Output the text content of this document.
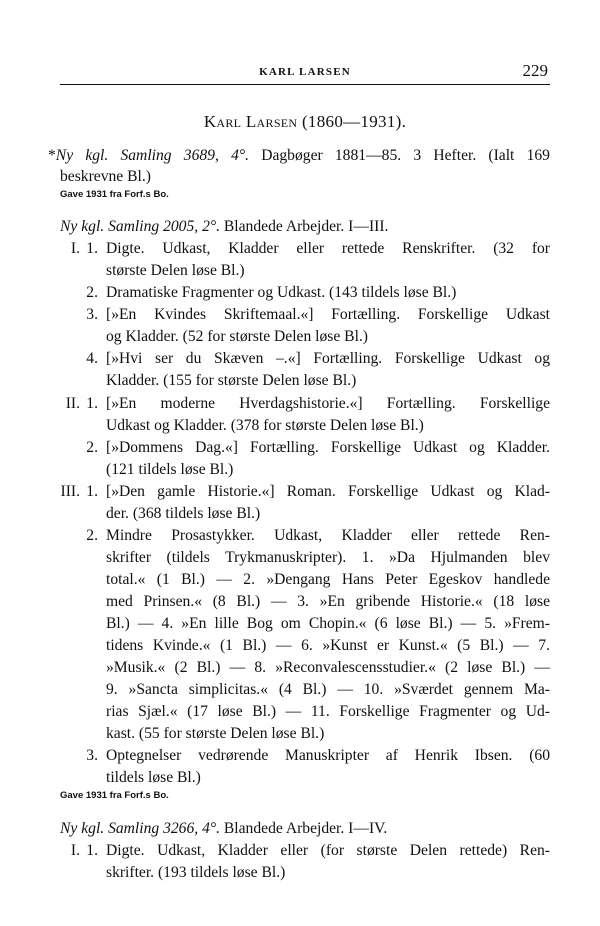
KARL LARSEN	229
Karl Larsen (1860—1931).
*Ny kgl. Samling 3689, 4°. Dagbøger 1881—85. 3 Hefter. (Ialt 169
beskrevne Bl.)
Gave 1931 fra Forf.s Bo.
Ny kgl. Samling 2005, 2°. Blandede Arbejder. I—III.
I. 1. Digte. Udkast, Kladder eller rettede Renskrifter. (32 for
største Delen løse Bl.)
2. Dramatiske Fragmenter og Udkast. (143 tildels løse Bl.)
3. [»En Kvindes Skriftemaal.«] Fortælling. Forskellige Udkast
og Kladder. (52 for største Delen løse Bl.)
4. [»Hvi ser du Skæven –.«] Fortælling. Forskellige Udkast og
Kladder. (155 for største Delen løse Bl.)
II. 1. [»En moderne Hverdagshistorie.«] Fortælling. Forskellige
Udkast og Kladder. (378 for største Delen løse Bl.)
2. [»Dommens Dag.«] Fortælling. Forskellige Udkast og Kladder.
(121 tildels løse Bl.)
III. 1. [»Den gamle Historie.«] Roman. Forskellige Udkast og Klad-
der. (368 tildels løse Bl.)
2. Mindre Prosastykker. Udkast, Kladder eller rettede Ren-
skrifter (tildels Trykmanuskripter). 1. »Da Hjulmanden blev
total.« (1 Bl.) — 2. »Dengang Hans Peter Egeskov handlede
med Prinsen.« (8 Bl.) — 3. »En gribende Historie.« (18 løse
Bl.) — 4. »En lille Bog om Chopin.« (6 løse Bl.) — 5. »Frem-
tidens Kvinde.« (1 Bl.) — 6. »Kunst er Kunst.« (5 Bl.) — 7.
»Musik.« (2 Bl.) — 8. »Reconvalescensstudier.« (2 løse Bl.) —
9. »Sancta simplicitas.« (4 Bl.) — 10. »Sværdet gennem Ma-
rias Sjæl.« (17 løse Bl.) — 11. Forskellige Fragmenter og Ud-
kast. (55 for største Delen løse Bl.)
3. Optegnelser vedrørende Manuskripter af Henrik Ibsen. (60
tildels løse Bl.)
Gave 1931 fra Forf.s Bo.
Ny kgl. Samling 3266, 4°. Blandede Arbejder. I—IV.
I. 1. Digte. Udkast, Kladder eller (for største Delen rettede) Ren-
skrifter. (193 tildels løse Bl.)
